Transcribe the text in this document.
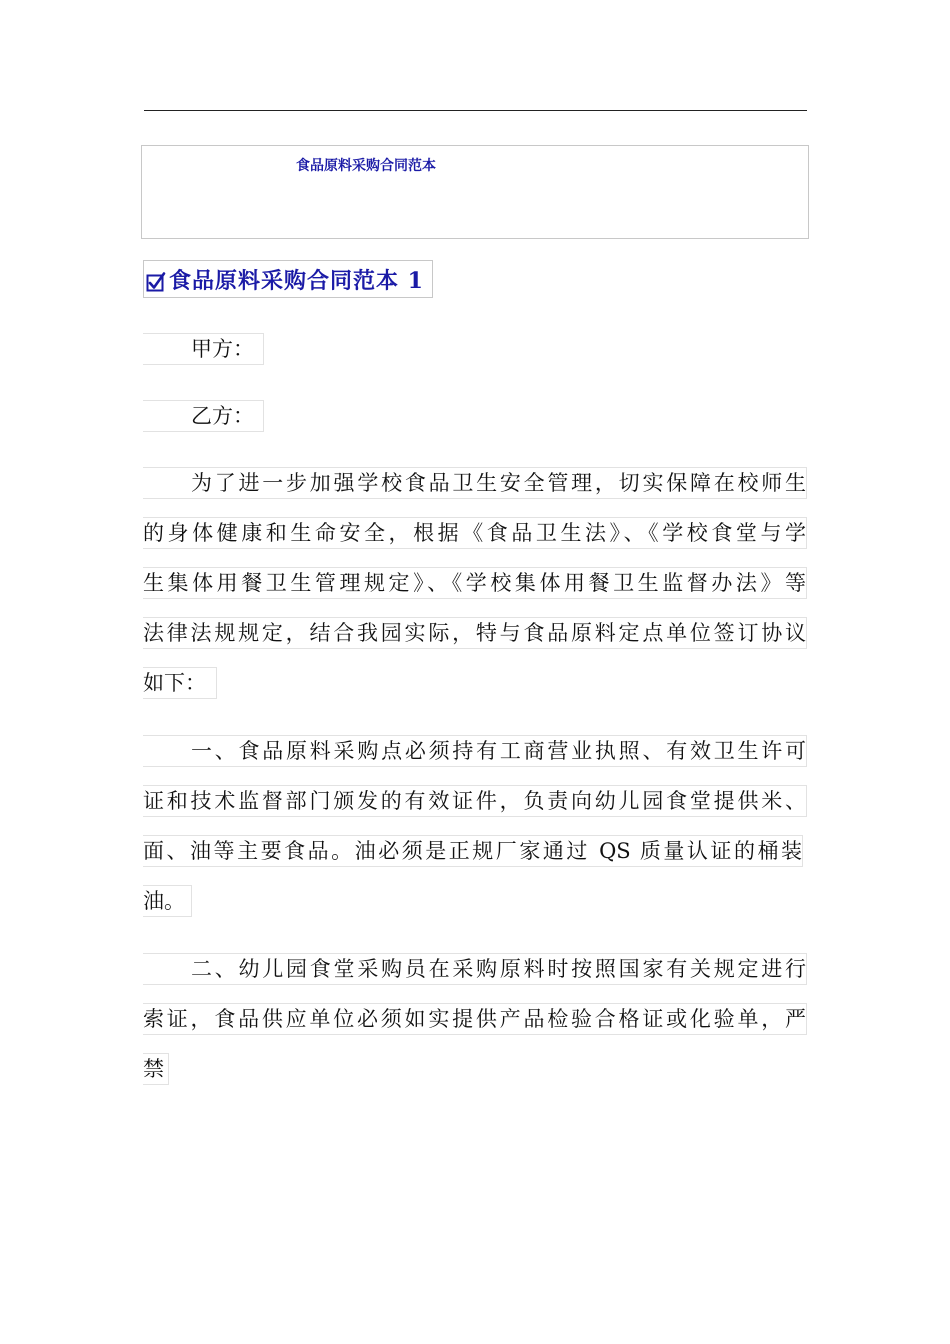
食品原料采购合同范本
食品原料采购合同范本 1
甲方：
乙方：
为了进一步加强学校食品卫生安全管理，切实保障在校师生
的身体健康和生命安全，根据《食品卫生法》、《学校食堂与学
生集体用餐卫生管理规定》、《学校集体用餐卫生监督办法》等
法律法规规定，结合我园实际，特与食品原料定点单位签订协议
如下：
一、食品原料采购点必须持有工商营业执照、有效卫生许可
证和技术监督部门颁发的有效证件，负责向幼儿园食堂提供米、
面、油等主要食品。油必须是正规厂家通过 QS 质量认证的桶装
油。
二、幼儿园食堂采购员在采购原料时按照国家有关规定进行
索证，食品供应单位必须如实提供产品检验合格证或化验单，严
禁
